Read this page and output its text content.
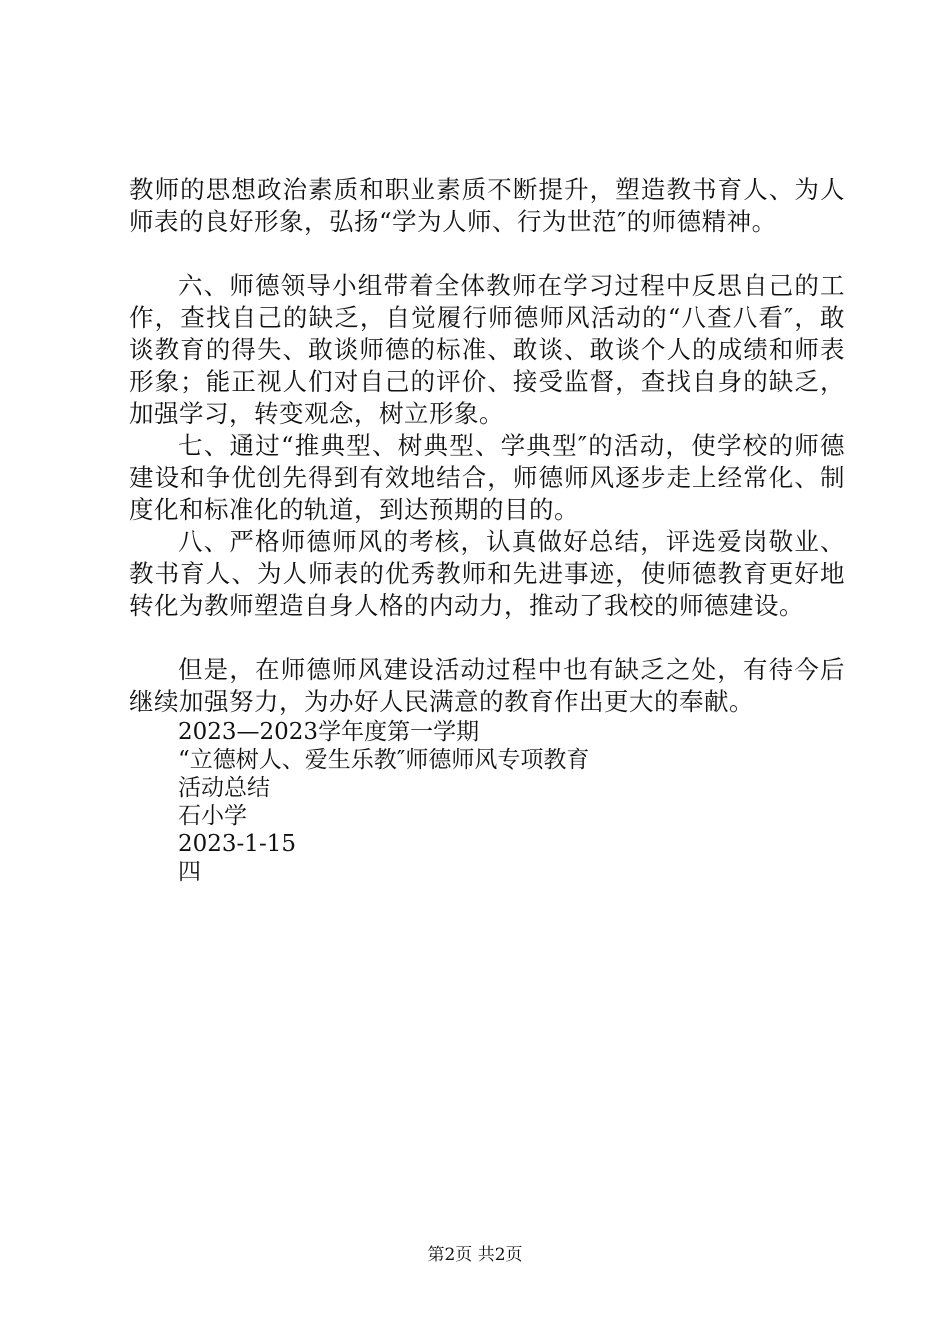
教师的思想政治素质和职业素质不断提升，塑造教书育人、为人师表的良好形象，弘扬“学为人师、行为世范″的师德精神。

六、师德领导小组带着全体教师在学习过程中反思自己的工作，查找自己的缺乏，自觉履行师德师风活动的“八查八看″，敢谈教育的得失、敢谈师德的标准、敢谈、敢谈个人的成绩和师表形象；能正视人们对自己的评价、接受监督，查找自身的缺乏，加强学习，转变观念，树立形象。

七、通过“推典型、树典型、学典型″的活动，使学校的师德建设和争优创先得到有效地结合，师德师风逐步走上经常化、制度化和标准化的轨道，到达预期的目的。

八、严格师德师风的考核，认真做好总结，评选爱岗敬业、教书育人、为人师表的优秀教师和先进事迹，使师德教育更好地转化为教师塑造自身人格的内动力，推动了我校的师德建设。

但是，在师德师风建设活动过程中也有缺乏之处，有待今后继续加强努力，为办好人民满意的教育作出更大的奉献。

2023—2023学年度第一学期

“立德树人、爱生乐教″师德师风专项教育

活动总结

石小学

2023-1-15

四

第2页 共2页
